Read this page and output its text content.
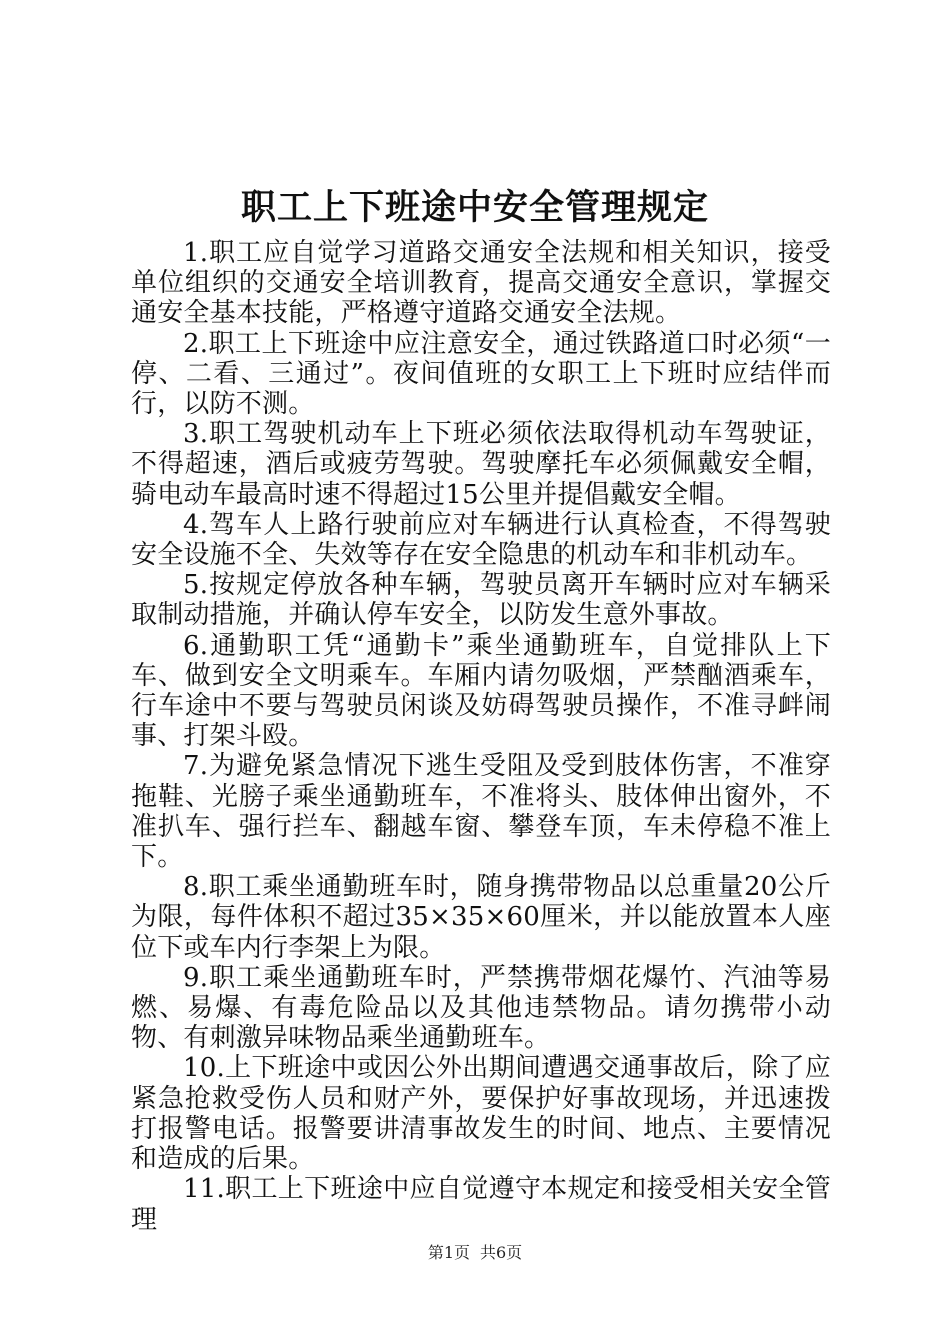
职工上下班途中安全管理规定

1.职工应自觉学习道路交通安全法规和相关知识，接受单位组织的交通安全培训教育，提高交通安全意识，掌握交通安全基本技能，严格遵守道路交通安全法规。

2.职工上下班途中应注意安全，通过铁路道口时必须“一停、二看、三通过”。夜间值班的女职工上下班时应结伴而行，以防不测。

3.职工驾驶机动车上下班必须依法取得机动车驾驶证，不得超速，酒后或疲劳驾驶。驾驶摩托车必须佩戴安全帽，骑电动车最高时速不得超过15公里并提倡戴安全帽。

4.驾车人上路行驶前应对车辆进行认真检查，不得驾驶安全设施不全、失效等存在安全隐患的机动车和非机动车。

5.按规定停放各种车辆，驾驶员离开车辆时应对车辆采取制动措施，并确认停车安全，以防发生意外事故。

6.通勤职工凭“通勤卡”乘坐通勤班车，自觉排队上下车、做到安全文明乘车。车厢内请勿吸烟，严禁酗酒乘车，行车途中不要与驾驶员闲谈及妨碍驾驶员操作，不准寻衅闹事、打架斗殴。

7.为避免紧急情况下逃生受阻及受到肢体伤害，不准穿拖鞋、光膀子乘坐通勤班车，不准将头、肢体伸出窗外，不准扒车、强行拦车、翻越车窗、攀登车顶，车未停稳不准上下。

8.职工乘坐通勤班车时，随身携带物品以总重量20公斤为限，每件体积不超过35×35×60厘米，并以能放置本人座位下或车内行李架上为限。

9.职工乘坐通勤班车时，严禁携带烟花爆竹、汽油等易燃、易爆、有毒危险品以及其他违禁物品。请勿携带小动物、有刺激异味物品乘坐通勤班车。

10.上下班途中或因公外出期间遭遇交通事故后，除了应紧急抢救受伤人员和财产外，要保护好事故现场，并迅速拨打报警电话。报警要讲清事故发生的时间、地点、主要情况和造成的后果。

11.职工上下班途中应自觉遵守本规定和接受相关安全管理

第1页 共6页
